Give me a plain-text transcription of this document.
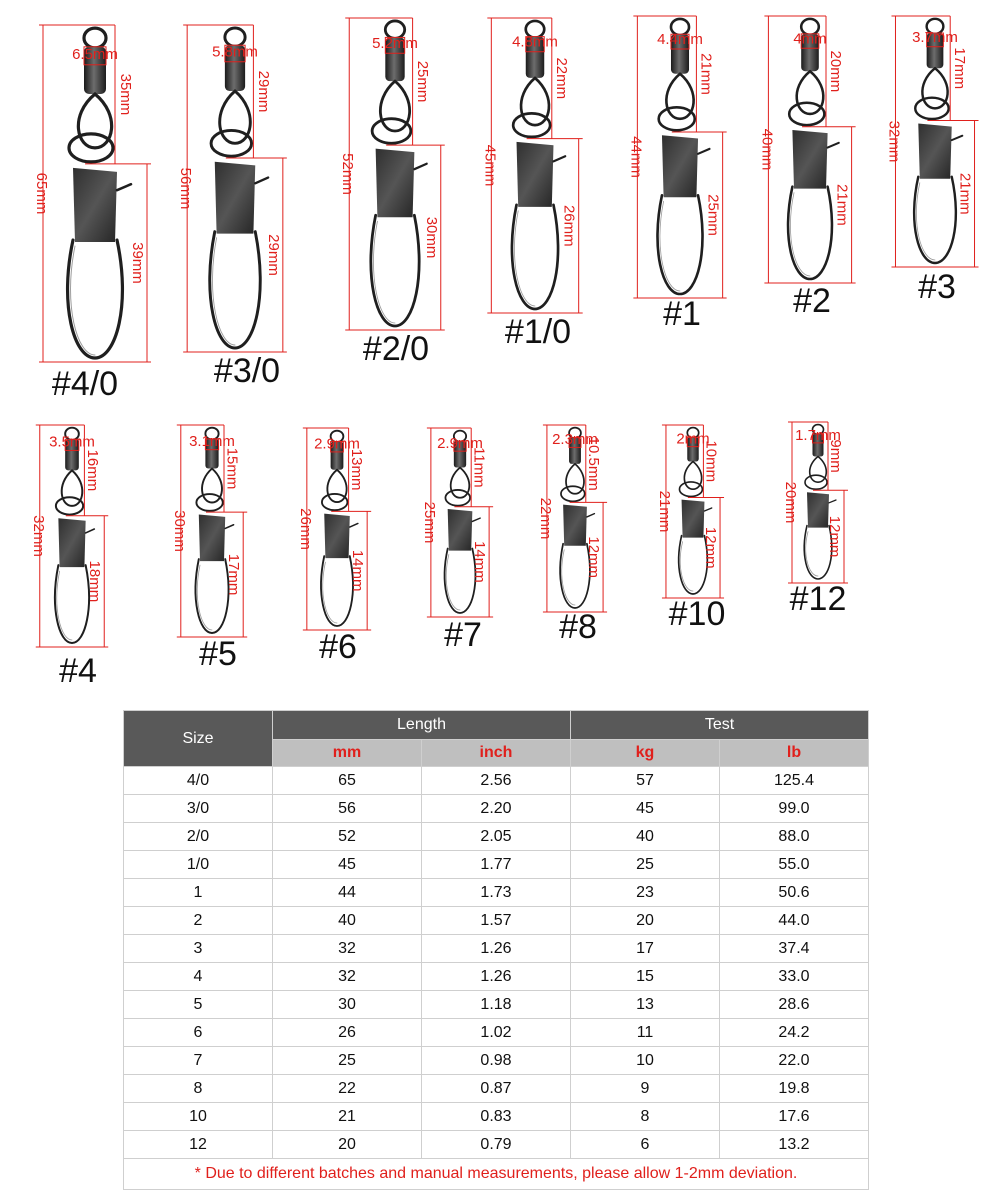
6.5mm
65mm
35mm
39mm
#4/0
5.8mm
56mm
29mm
29mm
#3/0
5.2mm
52mm
25mm
30mm
#2/0
4.8mm
45mm
22mm
26mm
#1/0
4.4mm
44mm
21mm
25mm
#1
4mm
40mm
20mm
21mm
#2
3.7mm
32mm
17mm
21mm
#3
3.5mm
32mm
16mm
18mm
#4
3.1mm
30mm
15mm
17mm
#5
2.9mm
26mm
13mm
14mm
#6
2.9mm
25mm
11mm
14mm
#7
2.3mm
22mm
10.5mm
12mm
#8
2mm
21mm
10mm
12mm
#10
1.7mm
20mm
9mm
12mm
#12
Size	Length		Test	
	mm	inch	kg	lb
4/0	65	2.56	57	125.4
3/0	56	2.20	45	99.0
2/0	52	2.05	40	88.0
1/0	45	1.77	25	55.0
1	44	1.73	23	50.6
2	40	1.57	20	44.0
3	32	1.26	17	37.4
4	32	1.26	15	33.0
5	30	1.18	13	28.6
6	26	1.02	11	24.2
7	25	0.98	10	22.0
8	22	0.87	9	19.8
10	21	0.83	8	17.6
12	20	0.79	6	13.2
* Due to different batches and manual measurements, please allow 1-2mm deviation.				
